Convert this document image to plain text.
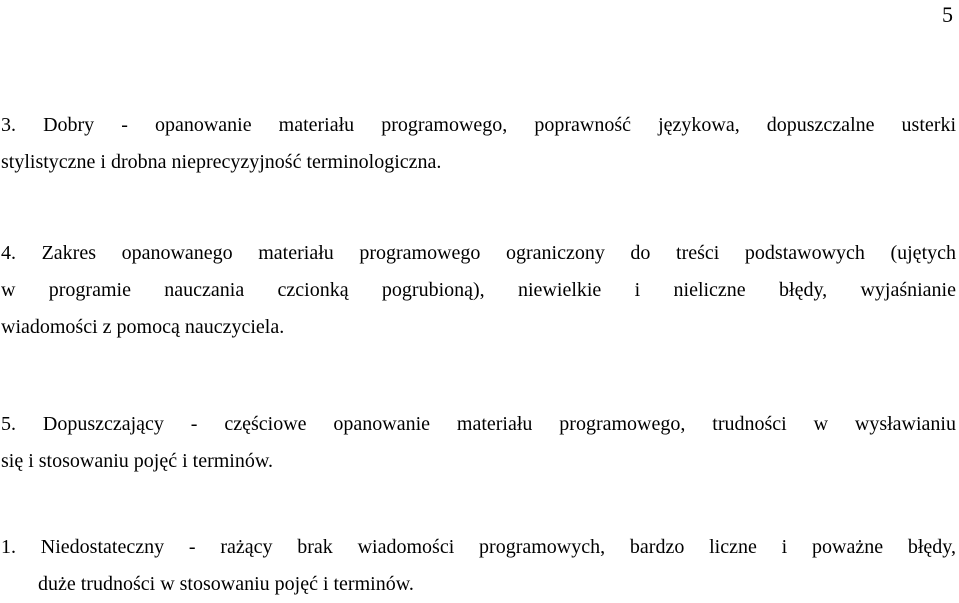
5

3. Dobry - opanowanie materiału programowego, poprawność językowa, dopuszczalne usterki
stylistyczne i drobna nieprecyzyjność terminologiczna.

4. Zakres opanowanego materiału programowego ograniczony do treści podstawowych (ujętych
w programie nauczania czcionką pogrubioną), niewielkie i nieliczne błędy, wyjaśnianie
wiadomości z pomocą nauczyciela.

5. Dopuszczający - częściowe opanowanie materiału programowego, trudności w wysławianiu
się i stosowaniu pojęć i terminów.

1. Niedostateczny - rażący brak wiadomości programowych, bardzo liczne i poważne błędy,
duże trudności w stosowaniu pojęć i terminów.
